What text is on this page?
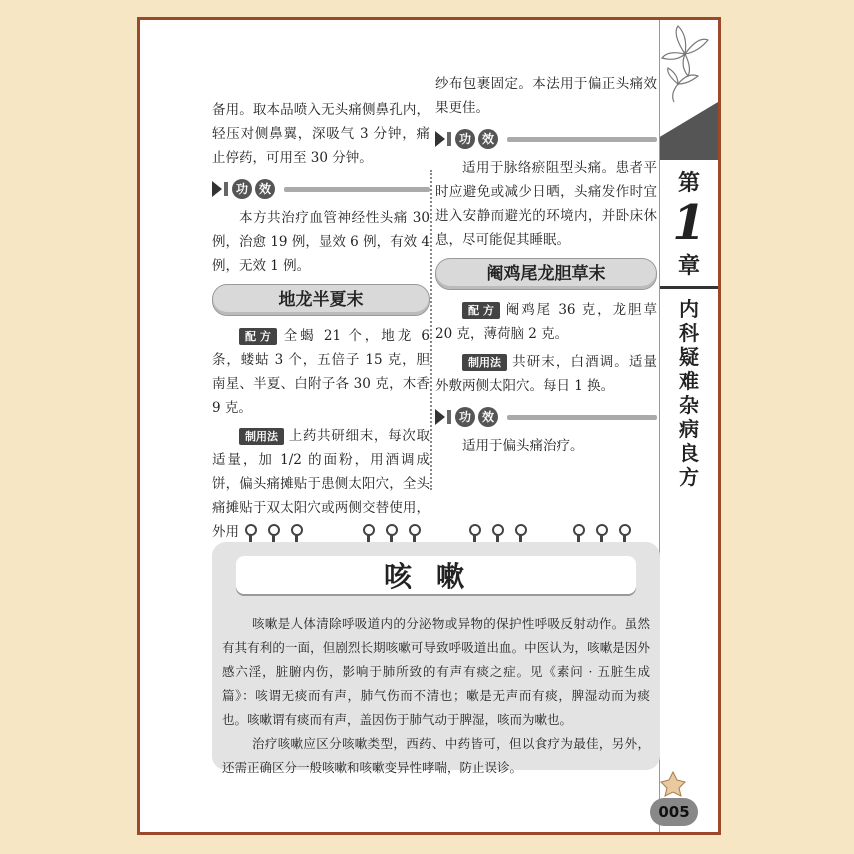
备用。取本品喷入无头痛侧鼻孔内，轻压对侧鼻翼，深吸气 3 分钟，痛止停药，可用至 30 分钟。

功 效

本方共治疗血管神经性头痛 30 例，治愈 19 例，显效 6 例，有效 4 例，无效 1 例。

地龙半夏末

配 方 全蝎 21 个，地龙 6 条，蝼蛄 3 个，五倍子 15 克，胆南星、半夏、白附子各 30 克，木香 9 克。

制用法 上药共研细末，每次取适量，加 1/2 的面粉，用酒调成饼，偏头痛摊贴于患侧太阳穴，全头痛摊贴于双太阳穴或两侧交替使用，外用

纱布包裹固定。本法用于偏正头痛效果更佳。

功 效

适用于脉络瘀阻型头痛。患者平时应避免或减少日晒，头痛发作时宜进入安静而避光的环境内，并卧床休息，尽可能促其睡眠。

阉鸡尾龙胆草末

配 方 阉鸡尾 36 克，龙胆草 20 克，薄荷脑 2 克。

制用法 共研末，白酒调。适量外敷两侧太阳穴。每日 1 换。

功 效

适用于偏头痛治疗。

第
1
章
内科疑难杂病良方
咳嗽

咳嗽是人体清除呼吸道内的分泌物或异物的保护性呼吸反射动作。虽然有其有利的一面，但剧烈长期咳嗽可导致呼吸道出血。中医认为，咳嗽是因外感六淫，脏腑内伤，影响于肺所致的有声有痰之症。见《素问 · 五脏生成篇》：咳谓无痰而有声，肺气伤而不清也；嗽是无声而有痰，脾湿动而为痰也。咳嗽谓有痰而有声，盖因伤于肺气动于脾湿，咳而为嗽也。

治疗咳嗽应区分咳嗽类型，西药、中药皆可，但以食疗为最佳，另外，还需正确区分一般咳嗽和咳嗽变异性哮喘，防止误诊。

005
